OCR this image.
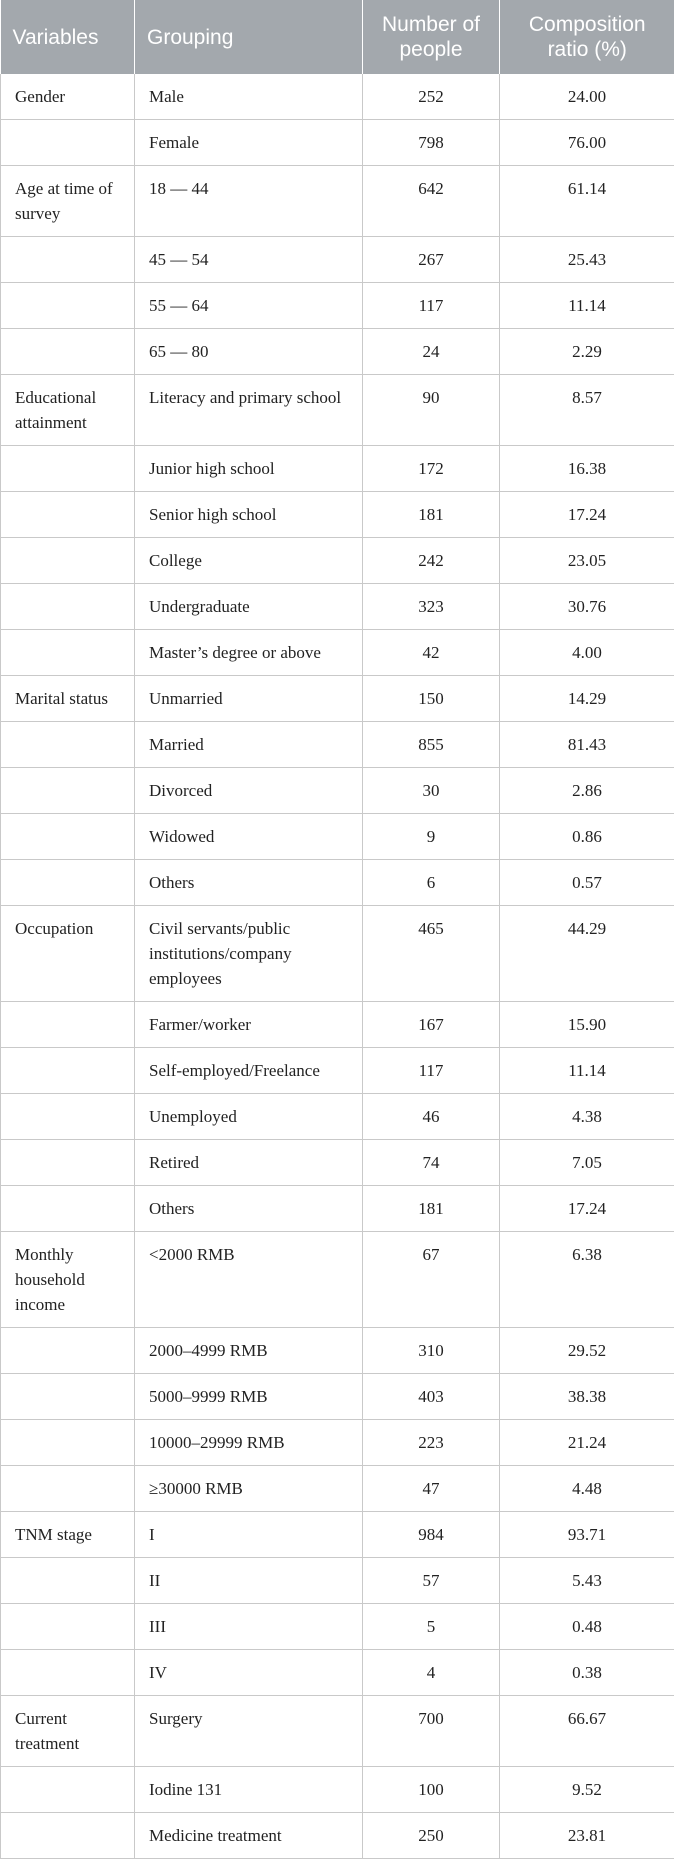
Variables	Grouping	Number of people	Composition ratio (%)
Gender	Male	252	24.00
	Female	798	76.00
Age at time of survey	18 — 44	642	61.14
	45 — 54	267	25.43
	55 — 64	117	11.14
	65 — 80	24	2.29
Educational attainment	Literacy and primary school	90	8.57
	Junior high school	172	16.38
	Senior high school	181	17.24
	College	242	23.05
	Undergraduate	323	30.76
	Master’s degree or above	42	4.00
Marital status	Unmarried	150	14.29
	Married	855	81.43
	Divorced	30	2.86
	Widowed	9	0.86
	Others	6	0.57
Occupation	Civil servants/public institutions/company employees	465	44.29
	Farmer/worker	167	15.90
	Self-employed/Freelance	117	11.14
	Unemployed	46	4.38
	Retired	74	7.05
	Others	181	17.24
Monthly household income	<2000 RMB	67	6.38
	2000–4999 RMB	310	29.52
	5000–9999 RMB	403	38.38
	10000–29999 RMB	223	21.24
	≥30000 RMB	47	4.48
TNM stage	I	984	93.71
	II	57	5.43
	III	5	0.48
	IV	4	0.38
Current treatment	Surgery	700	66.67
	Iodine 131	100	9.52
	Medicine treatment	250	23.81
